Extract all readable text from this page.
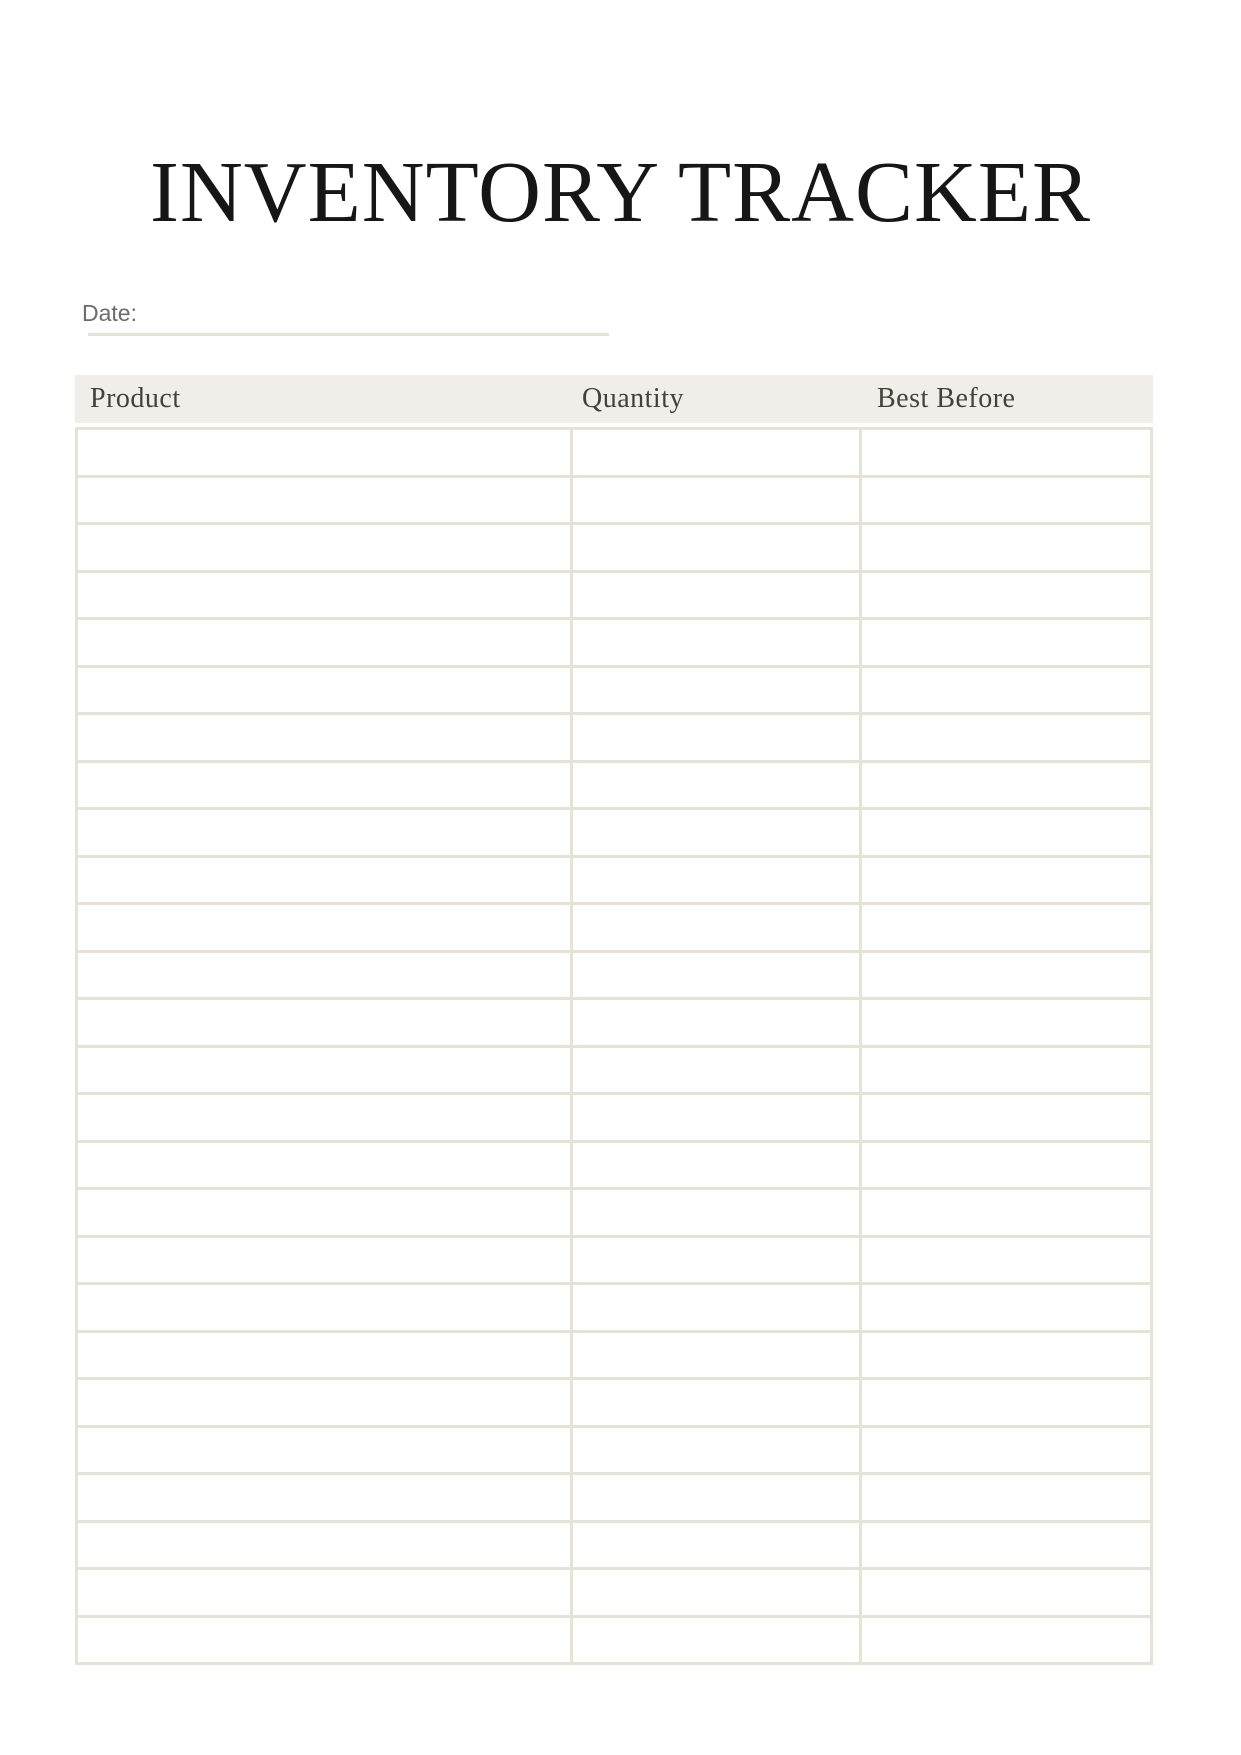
INVENTORY TRACKER
Date:
Product	Quantity	Best Before
